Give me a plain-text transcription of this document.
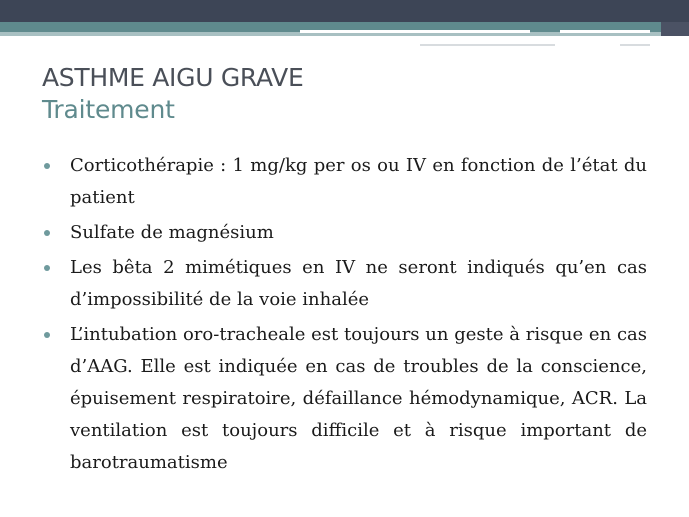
ASTHME AIGU GRAVE
Traitement
Corticothérapie : 1 mg/kg per os ou IV en fonction de l’état du patient
Sulfate de magnésium
Les bêta 2 mimétiques en IV ne seront indiqués qu’en cas d’impossibilité de la voie inhalée
L’intubation oro-tracheale est toujours un geste à risque en cas d’AAG. Elle est indiquée en cas de troubles de la conscience, épuisement respiratoire, défaillance hémodynamique, ACR. La ventilation est toujours difficile et à risque important de barotraumatisme
